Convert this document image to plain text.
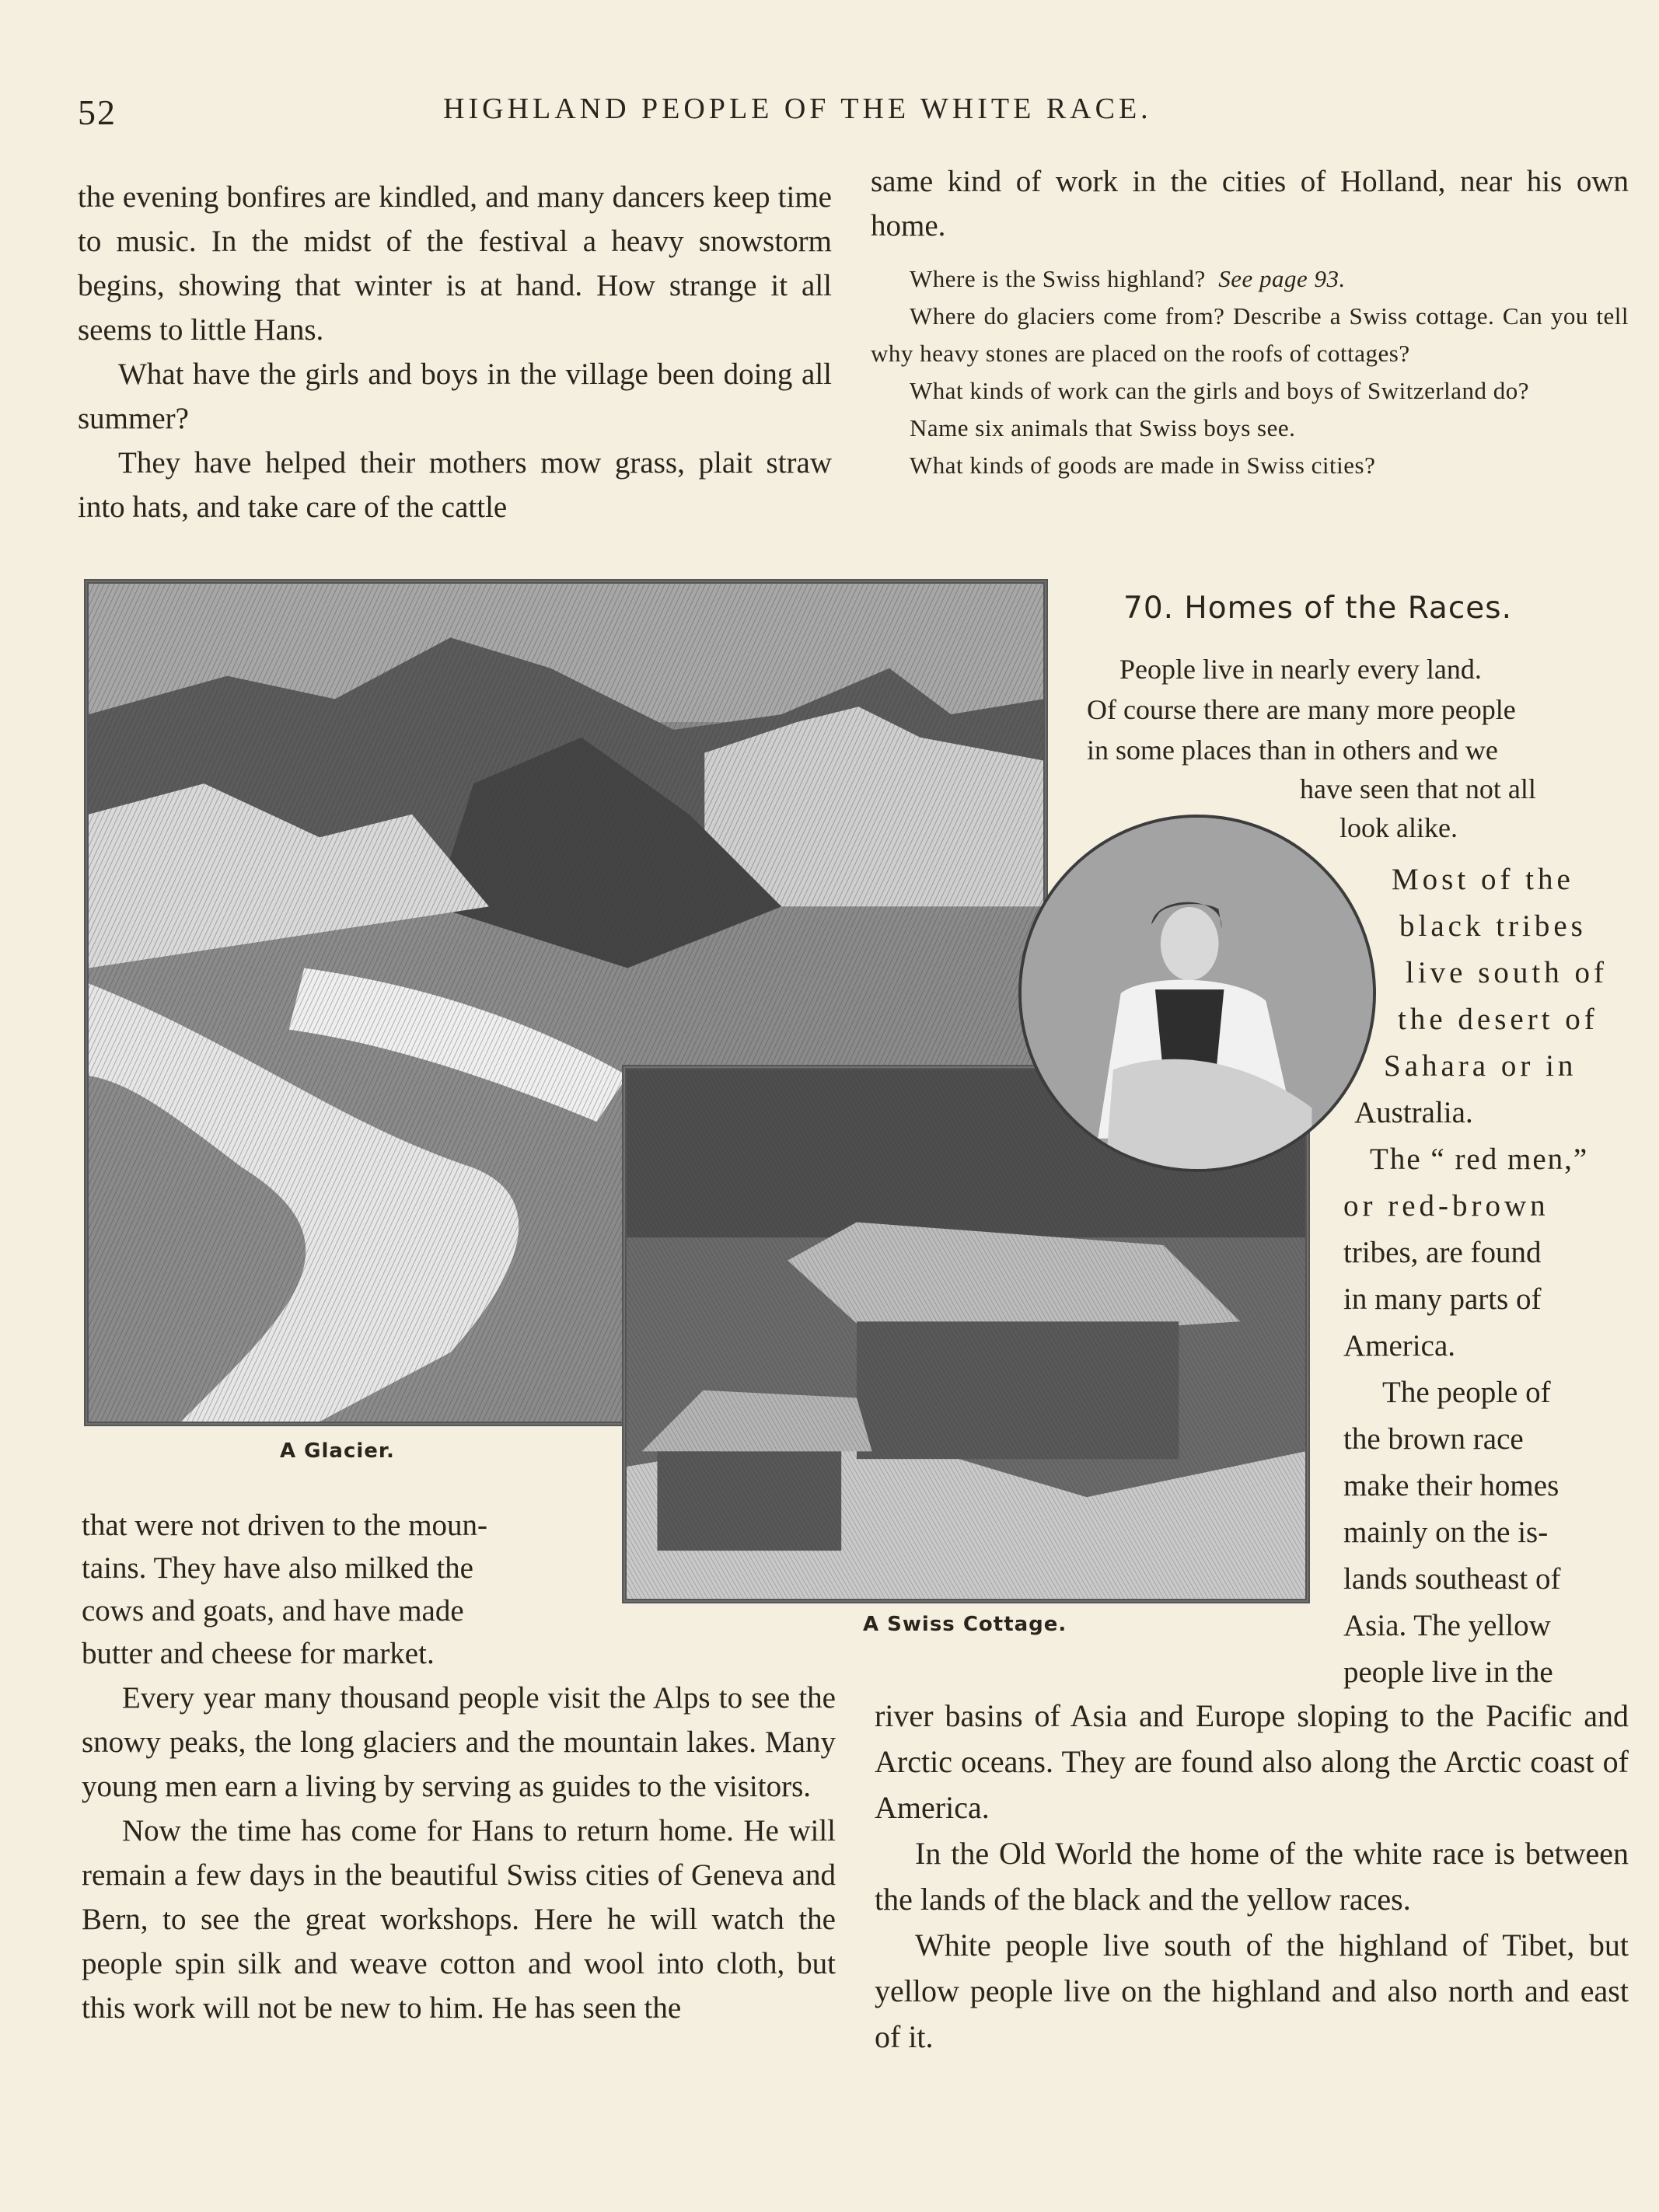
52	HIGHLAND PEOPLE OF THE WHITE RACE.

the evening bonfires are kindled, and many dancers keep time to music. In the midst of the festival a heavy snowstorm begins, showing that winter is at hand. How strange it all seems to little Hans.

What have the girls and boys in the village been doing all summer?

They have helped their mothers mow grass, plait straw into hats, and take care of the cattle

same kind of work in the cities of Holland, near his own home.

Where is the Swiss highland? See page 93.

Where do glaciers come from? Describe a Swiss cottage. Can you tell why heavy stones are placed on the roofs of cottages?

What kinds of work can the girls and boys of Switzerland do?

Name six animals that Swiss boys see.

What kinds of goods are made in Swiss cities?

A Glacier.
A Swiss Cottage.
70. Homes of the Races.
People live in nearly every land.
Of course there are many more people
in some places than in others and we
have seen that not all
look alike.
Most of the
black tribes
live south of
the desert of
Sahara or in
Australia.
The “ red men,”
or red-brown
tribes, are found
in many parts of
America.
The people of
the brown race
make their homes
mainly on the is-
lands southeast of
Asia. The yellow
people live in the

river basins of Asia and Europe sloping to the Pacific and Arctic oceans. They are found also along the Arctic coast of America.

In the Old World the home of the white race is between the lands of the black and the yellow races.

White people live south of the highland of Tibet, but yellow people live on the highland and also north and east of it.

that were not driven to the moun-
tains. They have also milked the
cows and goats, and have made

butter and cheese for market.

Every year many thousand people visit the Alps to see the snowy peaks, the long glaciers and the mountain lakes. Many young men earn a living by serving as guides to the visitors.

Now the time has come for Hans to return home. He will remain a few days in the beautiful Swiss cities of Geneva and Bern, to see the great workshops. Here he will watch the people spin silk and weave cotton and wool into cloth, but this work will not be new to him. He has seen the
